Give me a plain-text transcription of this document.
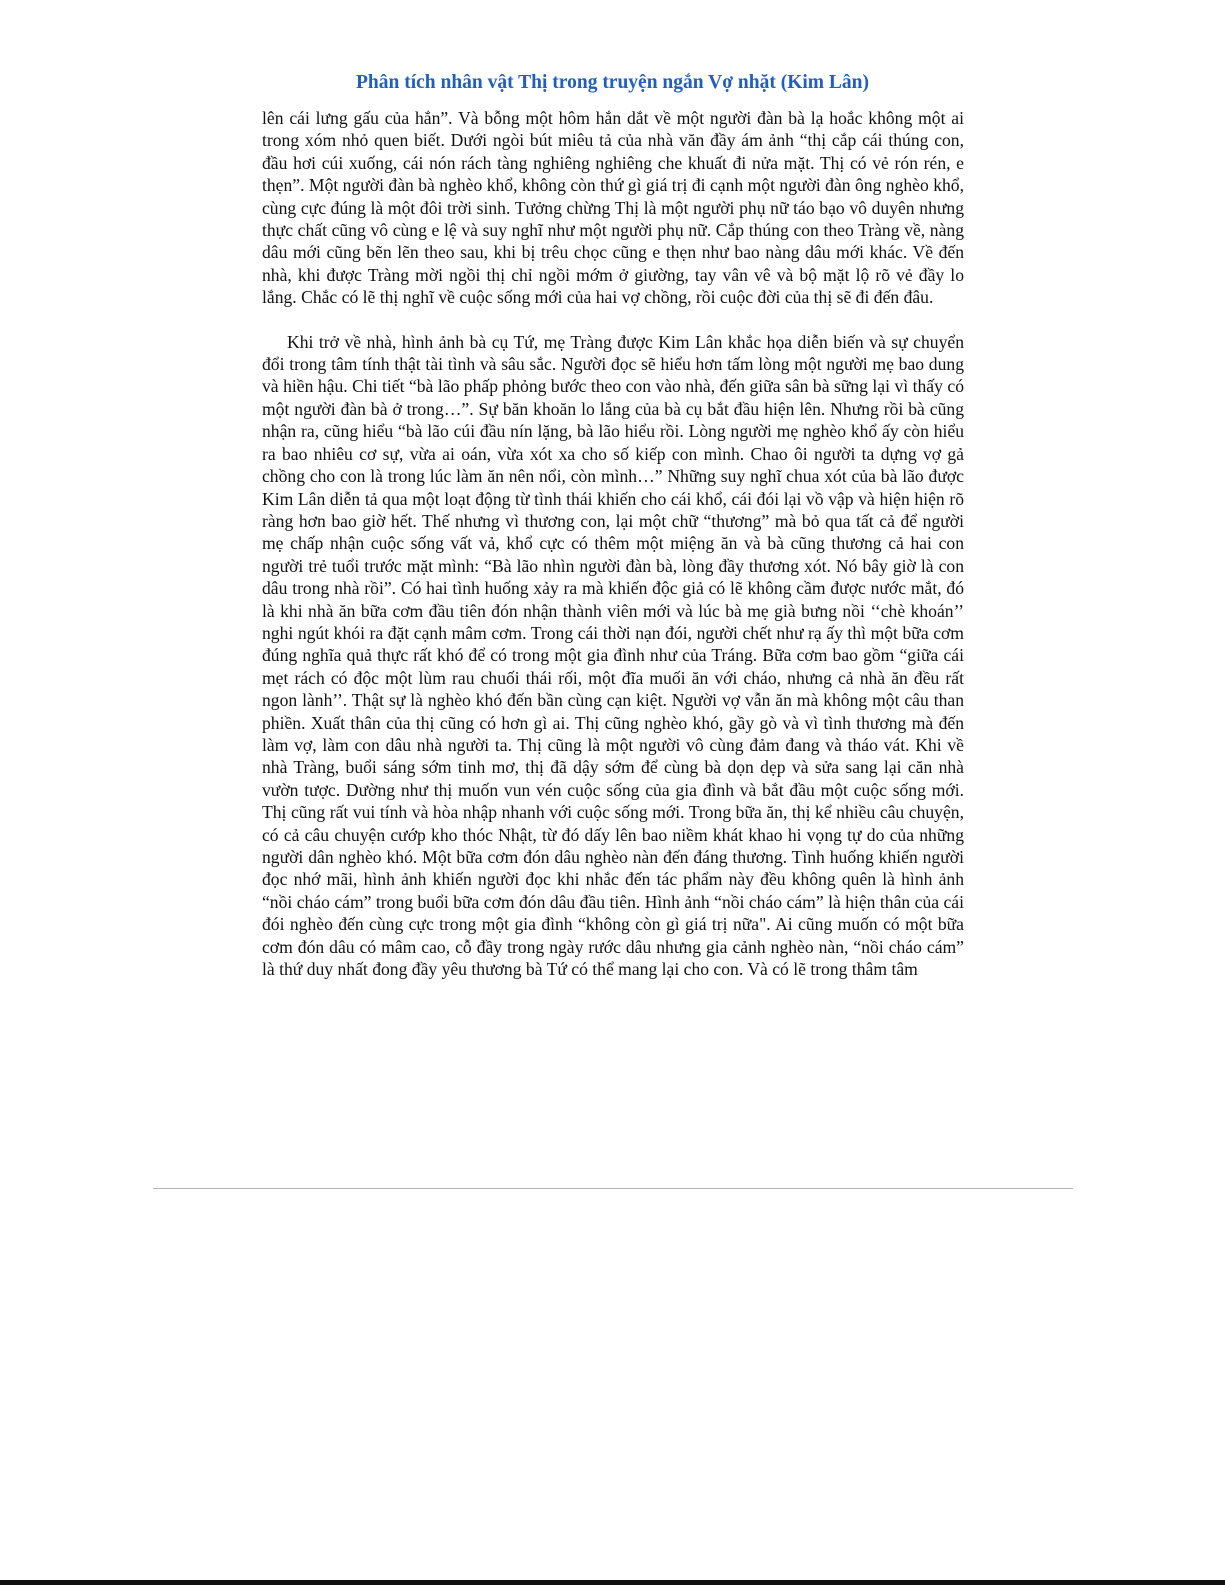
Phân tích nhân vật Thị trong truyện ngắn Vợ nhặt (Kim Lân)

lên cái lưng gấu của hắn”. Và bỗng một hôm hắn dắt về một người đàn bà lạ hoắc không một ai trong xóm nhỏ quen biết. Dưới ngòi bút miêu tả của nhà văn đầy ám ảnh “thị cắp cái thúng con, đầu hơi cúi xuống, cái nón rách tàng nghiêng nghiêng che khuất đi nửa mặt. Thị có vẻ rón rén, e thẹn”. Một người đàn bà nghèo khổ, không còn thứ gì giá trị đi cạnh một người đàn ông nghèo khổ, cùng cực đúng là một đôi trời sinh. Tưởng chừng Thị là một người phụ nữ táo bạo vô duyên nhưng thực chất cũng vô cùng e lệ và suy nghĩ như một người phụ nữ. Cắp thúng con theo Tràng về, nàng dâu mới cũng bẽn lẽn theo sau, khi bị trêu chọc cũng e thẹn như bao nàng dâu mới khác. Về đến nhà, khi được Tràng mời ngồi thị chỉ ngồi mớm ở giường, tay vân vê và bộ mặt lộ rõ vẻ đầy lo lắng. Chắc có lẽ thị nghĩ về cuộc sống mới của hai vợ chồng, rồi cuộc đời của thị sẽ đi đến đâu.

Khi trở về nhà, hình ảnh bà cụ Tứ, mẹ Tràng được Kim Lân khắc họa diễn biến và sự chuyển đổi trong tâm tính thật tài tình và sâu sắc. Người đọc sẽ hiểu hơn tấm lòng một người mẹ bao dung và hiền hậu. Chi tiết “bà lão phấp phỏng bước theo con vào nhà, đến giữa sân bà sững lại vì thấy có một người đàn bà ở trong…”. Sự băn khoăn lo lắng của bà cụ bắt đầu hiện lên. Nhưng rồi bà cũng nhận ra, cũng hiểu “bà lão cúi đầu nín lặng, bà lão hiểu rồi. Lòng người mẹ nghèo khổ ấy còn hiểu ra bao nhiêu cơ sự, vừa ai oán, vừa xót xa cho số kiếp con mình. Chao ôi người ta dựng vợ gả chồng cho con là trong lúc làm ăn nên nổi, còn mình…” Những suy nghĩ chua xót của bà lão được Kim Lân diễn tả qua một loạt động từ tình thái khiến cho cái khổ, cái đói lại vồ vập và hiện hiện rõ ràng hơn bao giờ hết. Thế nhưng vì thương con, lại một chữ “thương” mà bỏ qua tất cả để người mẹ chấp nhận cuộc sống vất vả, khổ cực có thêm một miệng ăn và bà cũng thương cả hai con người trẻ tuổi trước mặt mình: “Bà lão nhìn người đàn bà, lòng đầy thương xót. Nó bây giờ là con dâu trong nhà rồi”. Có hai tình huống xảy ra mà khiến độc giả có lẽ không cầm được nước mắt, đó là khi nhà ăn bữa cơm đầu tiên đón nhận thành viên mới và lúc bà mẹ già bưng nồi ‘‘chè khoán’’ nghi ngút khói ra đặt cạnh mâm cơm. Trong cái thời nạn đói, người chết như rạ ấy thì một bữa cơm đúng nghĩa quả thực rất khó để có trong một gia đình như của Tráng. Bữa cơm bao gồm “giữa cái mẹt rách có độc một lùm rau chuối thái rối, một đĩa muối ăn với cháo, nhưng cả nhà ăn đều rất ngon lành’’. Thật sự là nghèo khó đến bần cùng cạn kiệt. Người vợ vẫn ăn mà không một câu than phiền. Xuất thân của thị cũng có hơn gì ai. Thị cũng nghèo khó, gầy gò và vì tình thương mà đến làm vợ, làm con dâu nhà người ta. Thị cũng là một người vô cùng đảm đang và tháo vát. Khi về nhà Tràng, buổi sáng sớm tinh mơ, thị đã dậy sớm để cùng bà dọn dẹp và sửa sang lại căn nhà vườn tược. Dường như thị muốn vun vén cuộc sống của gia đình và bắt đầu một cuộc sống mới. Thị cũng rất vui tính và hòa nhập nhanh với cuộc sống mới. Trong bữa ăn, thị kể nhiều câu chuyện, có cả câu chuyện cướp kho thóc Nhật, từ đó dấy lên bao niềm khát khao hi vọng tự do của những người dân nghèo khó. Một bữa cơm đón dâu nghèo nàn đến đáng thương. Tình huống khiến người đọc nhớ mãi, hình ảnh khiến người đọc khi nhắc đến tác phẩm này đều không quên là hình ảnh “nồi cháo cám” trong buổi bữa cơm đón dâu đầu tiên. Hình ảnh “nồi cháo cám” là hiện thân của cái đói nghèo đến cùng cực trong một gia đình “không còn gì giá trị nữa". Ai cũng muốn có một bữa cơm đón dâu có mâm cao, cỗ đầy trong ngày rước dâu nhưng gia cảnh nghèo nàn, “nồi cháo cám” là thứ duy nhất đong đầy yêu thương bà Tứ có thể mang lại cho con. Và có lẽ trong thâm tâm
